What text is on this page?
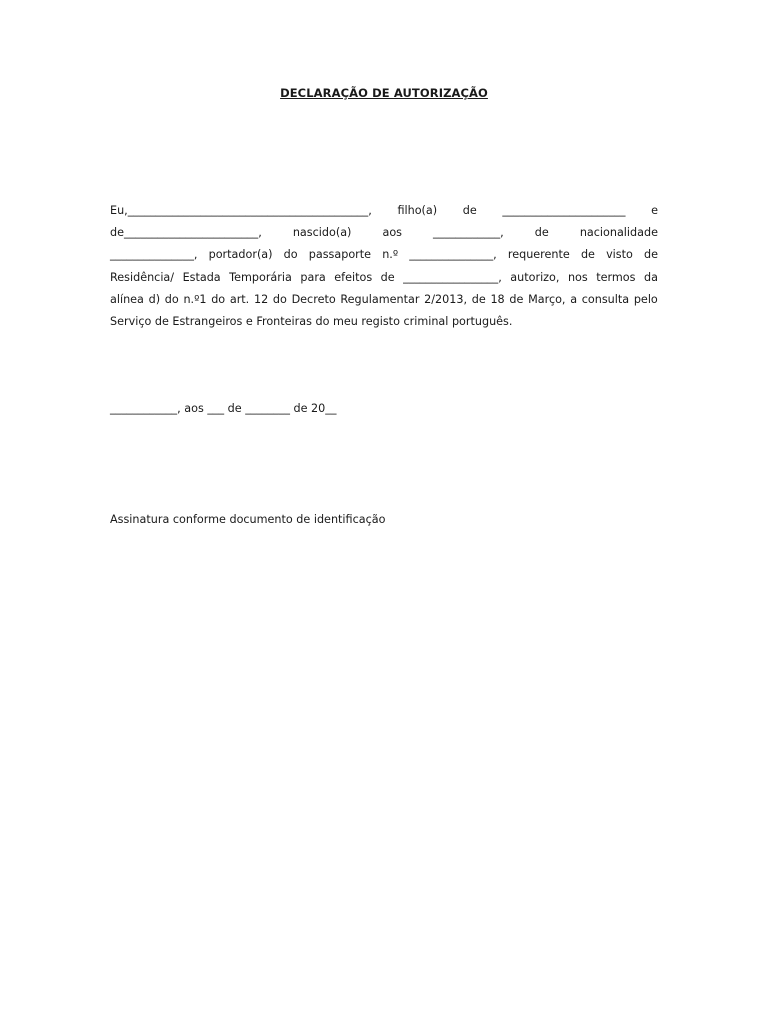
DECLARAÇÃO DE AUTORIZAÇÃO
Eu,___________________________________________, filho(a) de ______________________ e
de________________________,	nascido(a)	aos	____________,	de	nacionalidade
_______________, portador(a) do passaporte n.º _______________, requerente de visto de
Residência/ Estada Temporária para efeitos de _________________, autorizo, nos termos da
alínea d) do n.º1 do art. 12 do Decreto Regulamentar 2/2013, de 18 de Março, a consulta pelo
Serviço de Estrangeiros e Fronteiras do meu registo criminal português.
____________, aos ___ de ________ de 20__
Assinatura conforme documento de identificação
